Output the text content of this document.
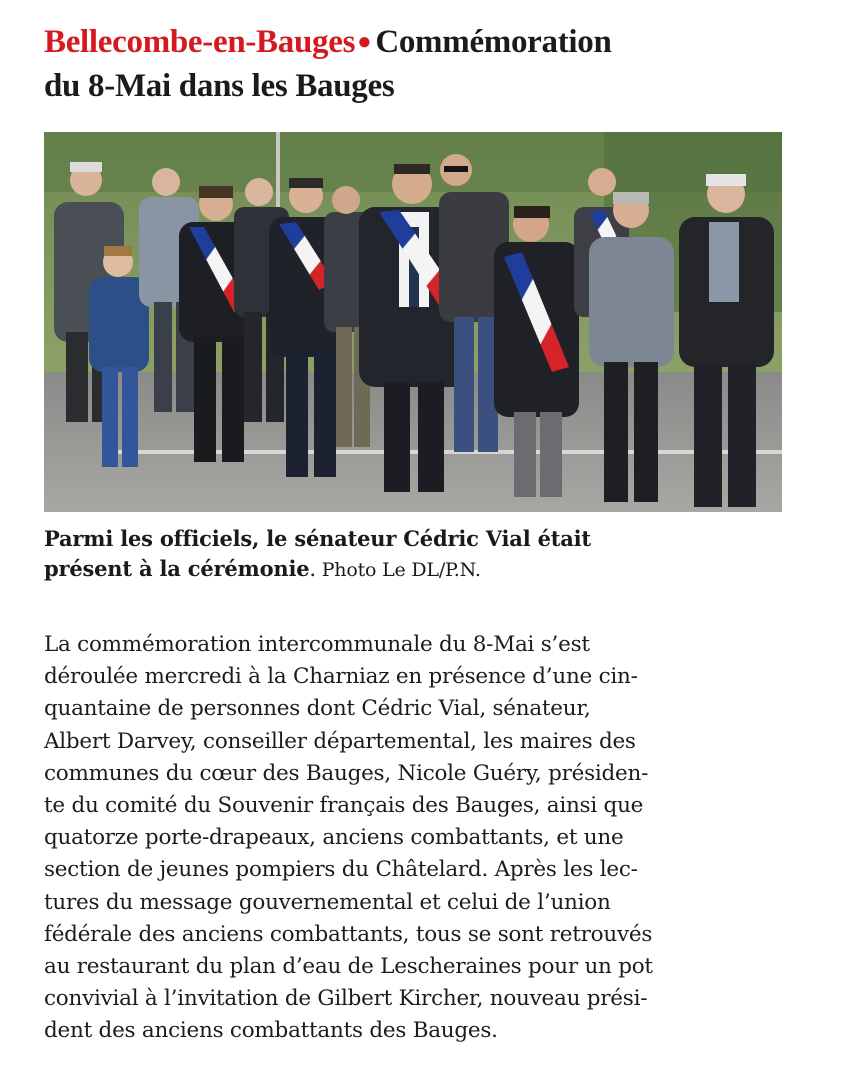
Bellecombe-en-Bauges● Commémoration
du 8-Mai dans les Bauges

Parmi les officiels, le sénateur Cédric Vial était
présent à la cérémonie. Photo Le DL/P.N.

La commémoration intercommunale du 8-Mai s’est
déroulée mercredi à la Charniaz en présence d’une cin-
quantaine de personnes dont Cédric Vial, sénateur,
Albert Darvey, conseiller départemental, les maires des
communes du cœur des Bauges, Nicole Guéry, présiden-
te du comité du Souvenir français des Bauges, ainsi que
quatorze porte-drapeaux, anciens combattants, et une
section de jeunes pompiers du Châtelard. Après les lec-
tures du message gouvernemental et celui de l’union
fédérale des anciens combattants, tous se sont retrouvés
au restaurant du plan d’eau de Lescheraines pour un pot
convivial à l’invitation de Gilbert Kircher, nouveau prési-
dent des anciens combattants des Bauges.
